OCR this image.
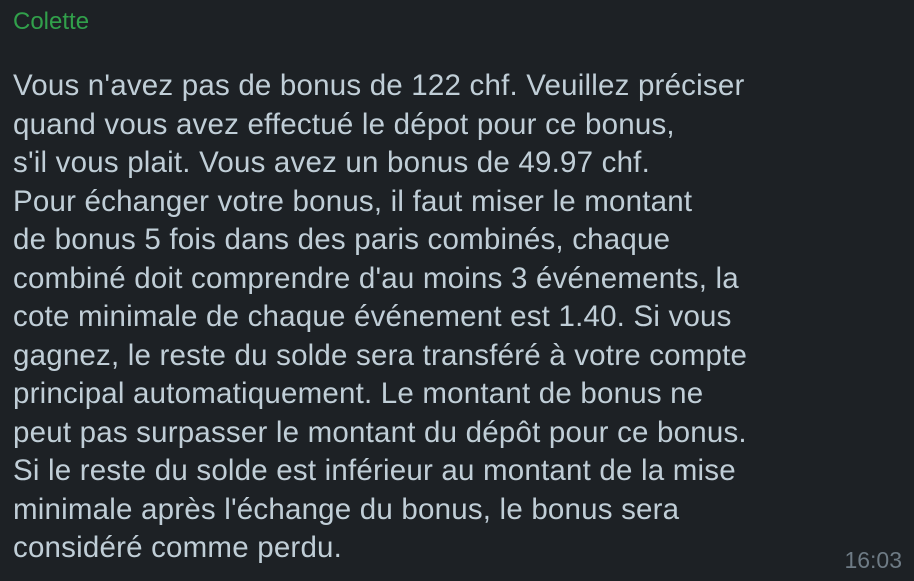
Colette
Vous n'avez pas de bonus de 122 chf. Veuillez préciser
quand vous avez effectué le dépot pour ce bonus,
s'il vous plait. Vous avez un bonus de 49.97 chf.
Pour échanger votre bonus, il faut miser le montant
de bonus 5 fois dans des paris combinés, chaque
combiné doit comprendre d'au moins 3 événements, la
cote minimale de chaque événement est 1.40. Si vous
gagnez, le reste du solde sera transféré à votre compte
principal automatiquement. Le montant de bonus ne
peut pas surpasser le montant du dépôt pour ce bonus.
Si le reste du solde est inférieur au montant de la mise
minimale après l'échange du bonus, le bonus sera
considéré comme perdu.	16:03
